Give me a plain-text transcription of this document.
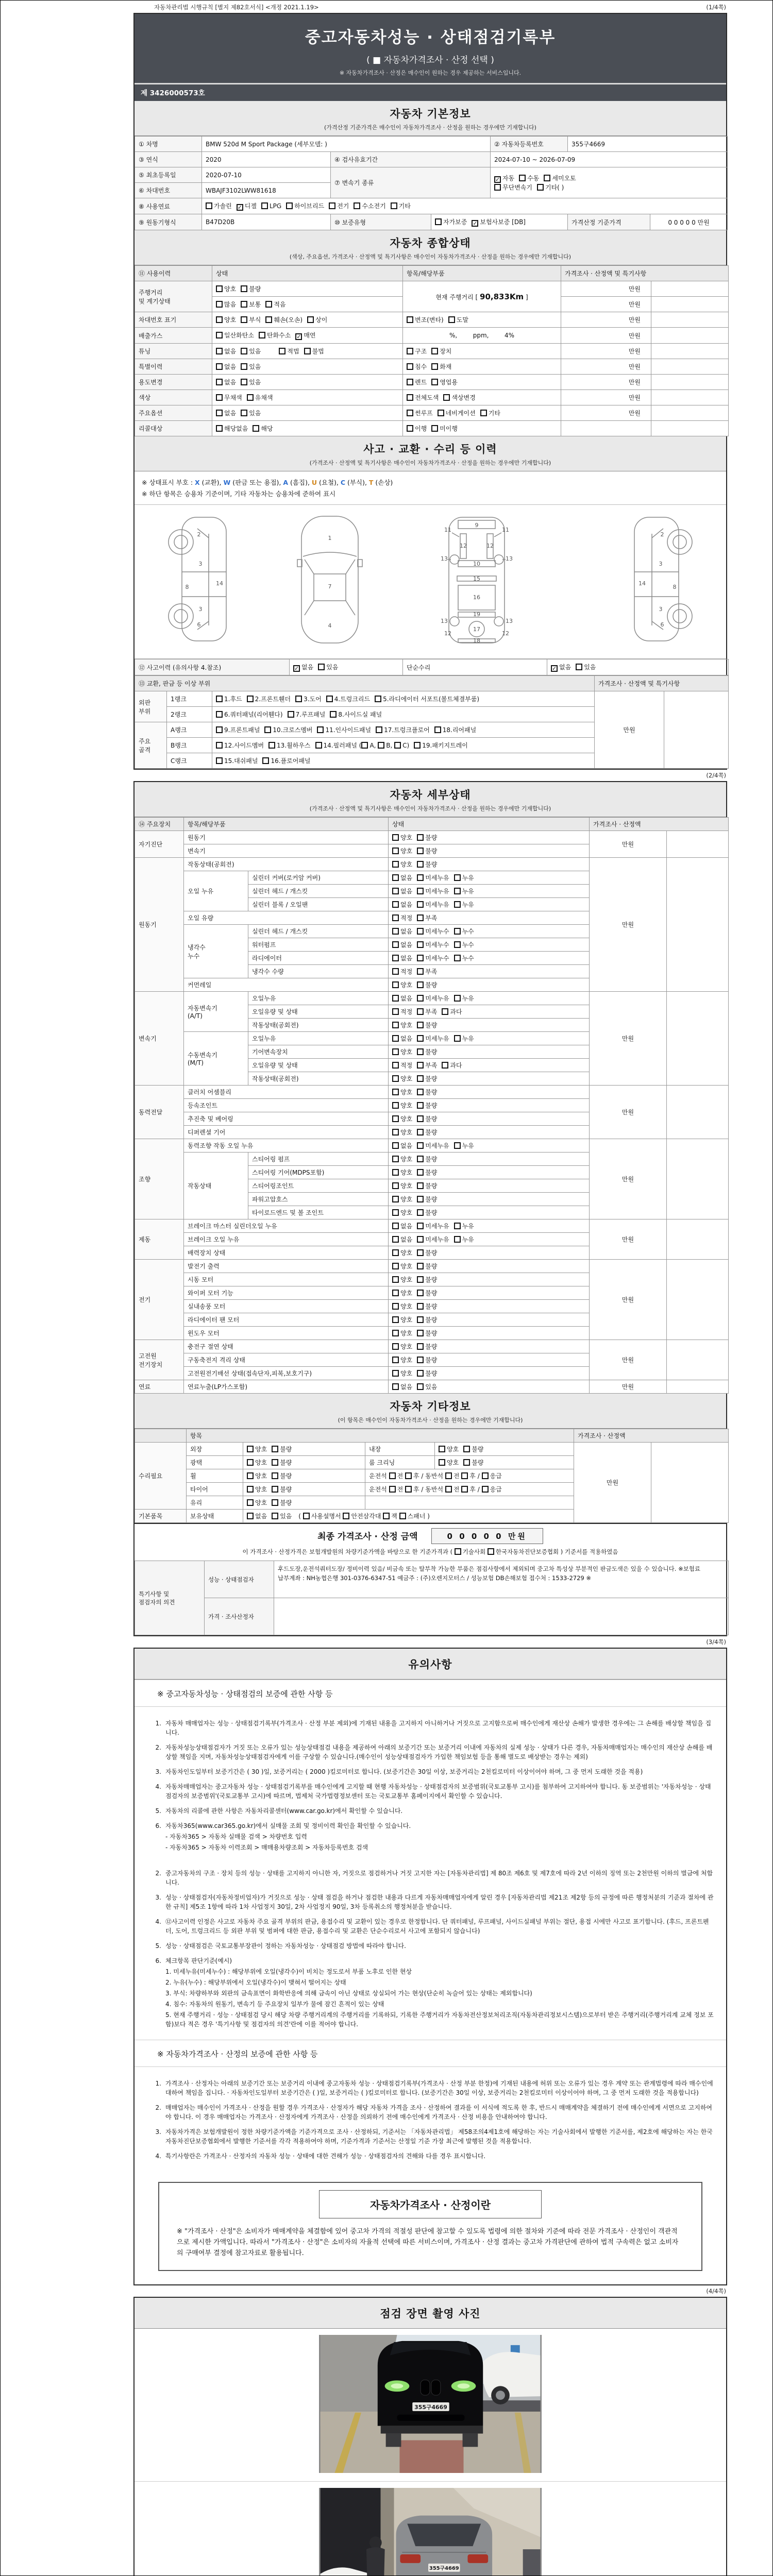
자동차관리법 시행규칙 [별지 제82호서식] <개정 2021.1.19>	(1/4쪽)
중고자동차성능 · 상태점검기록부
( ■ 자동차가격조사 · 산정 선택 )
※ 자동차가격조사 · 산정은 매수인이 원하는 경우 제공하는 서비스입니다.
제 3426000573호
자동차 기본정보
(가격산정 기준가격은 매수인이 자동차가격조사 · 산정을 원하는 경우에만 기재합니다)
① 차명	BMW 520d M Sport Package (세부모델: )			② 자동차등록번호	355구4669	
③ 연식	2020	④ 검사유효기간		2024-07-10 ~ 2026-07-09		
⑤ 최초등록일	2020-07-10	⑦ 변속기 종류		✓ 자동 수동 세미오토
무단변속기 기타( )		
⑥ 차대번호	WBAJF3102LWW81618					
⑧ 사용연료	가솔린 ✓ 디젤 LPG 하이브리드 전기 수소전기 기타					
⑨ 원동기형식	B47D20B	⑩ 보증유형	자가보증 ✓ 보험사보증 [DB]		가격산정 기준가격	0 0 0 0 0 만원
자동차 종합상태
(색상, 주요옵션, 가격조사 · 산정액 및 특기사항은 매수인이 자동차가격조사 · 산정을 원하는 경우에만 기재합니다)
⑪ 사용이력	상태	항목/해당부품	가격조사 · 산정액 및 특기사항	
주행거리
및 계기상태	양호 불량	현재 주행거리 [ 90,833Km ]	만원	
	많음 보통 적음		만원	
차대번호 표기	양호 부식 훼손(오손) 상이	변조(변타) 도말	만원	
배출가스	일산화탄소 탄화수소 ✓ 매연	%,        ppm,        4%	만원	
튜닝	없음 있음 적법 불법	구조 장치	만원	
특별이력	없음 있음	침수 화재	만원	
용도변경	없음 있음	렌트 영업용	만원	
색상	무채색 유채색	전체도색 색상변경	만원	
주요옵션	없음 있음	썬루프 네비게이션 기타	만원	
리콜대상	해당없음 해당	이행 미이행		
사고 · 교환 · 수리 등 이력
(가격조사 · 산정액 및 특기사항은 매수인이 자동차가격조사 · 산정을 원하는 경우에만 기재합니다)
※ 상태표시 부호 : X (교환), W (판금 또는 용접), A (흠집), U (요철), C (부식), T (손상)
※ 하단 항목은 승용차 기준이며, 기타 자동차는 승용차에 준하여 표시
2
8
3
14
3
6
1
7
4
9
11	11
12	12
13	13
10
15
16
19
13	13
12	12
17
18
2
8
3
14
3
6
⑫ 사고이력 (유의사항 4.참조)	✓ 없음 있음	단순수리	✓ 없음 있음
⑬ 교환, 판금 등 이상 부위			가격조사 · 산정액 및 특기사항	
외판
부위	1랭크	1.후드 2.프론트휀더 3.도어 4.트렁크리드 5.라디에이터 서포트(볼트체결부품)	만원	
	2랭크	6.쿼터패널(리어휀다) 7.루프패널 8.사이드실 패널		
주요
골격	A랭크	9.프론트패널 10.크로스멤버 11.인사이드패널 17.트렁크플로어 18.리어패널		
	B랭크	12.사이드멤버 13.휠하우스 14.필러패널 ( A, B, C) 19.패키지트레이		
	C랭크	15.대쉬패널 16.플로어패널		
(2/4쪽)
자동차 세부상태
(가격조사 · 산정액 및 특기사항은 매수인이 자동차가격조사 · 산정을 원하는 경우에만 기재합니다)
⑭ 주요장치	항목/해당부품		상태	가격조사 · 산정액	
자기진단	원동기		양호 불량	만원	
	변속기		양호 불량		
원동기	작동상태(공회전)		양호 불량	만원	
	오일 누유	실린더 커버(로커암 커버)	없음 미세누유 누유		
		실린더 헤드 / 개스킷	없음 미세누유 누유		
		실린더 블록 / 오일팬	없음 미세누유 누유		
	오일 유량		적정 부족		
	냉각수
누수	실린더 헤드 / 개스킷	없음 미세누수 누수		
		워터펌프	없음 미세누수 누수		
		라디에이터	없음 미세누수 누수		
		냉각수 수량	적정 부족		
	커먼레일		양호 불량		
변속기	자동변속기
(A/T)	오일누유	없음 미세누유 누유	만원	
		오일유량 및 상태	적정 부족 과다		
		작동상태(공회전)	양호 불량		
	수동변속기
(M/T)	오일누유	없음 미세누유 누유		
		기어변속장치	양호 불량		
		오일유량 및 상태	적정 부족 과다		
		작동상태(공회전)	양호 불량		
동력전달	클러치 어셈블리		양호 불량	만원	
	등속조인트		양호 불량		
	추진축 및 베어링		양호 불량		
	디퍼렌셜 기어		양호 불량		
조향	동력조향 작동 오일 누유		없음 미세누유 누유	만원	
	작동상태	스티어링 펌프	양호 불량		
		스티어링 기어(MDPS포함)	양호 불량		
		스티어링조인트	양호 불량		
		파워고압호스	양호 불량		
		타이로드엔드 및 볼 조인트	양호 불량		
제동	브레이크 마스터 실린더오일 누유		없음 미세누유 누유	만원	
	브레이크 오일 누유		없음 미세누유 누유		
	배력장치 상태		양호 불량		
전기	발전기 출력		양호 불량	만원	
	시동 모터		양호 불량		
	와이퍼 모터 기능		양호 불량		
	실내송풍 모터		양호 불량		
	라디에이터 팬 모터		양호 불량		
	윈도우 모터		양호 불량		
고전원
전기장치	충전구 절연 상태		양호 불량	만원	
	구동축전지 격리 상태		양호 불량		
	고전원전기배선 상태(접속단자,피복,보호기구)		양호 불량		
연료	연료누출(LP가스포함)		없음 있음	만원	
자동차 기타정보
(이 항목은 매수인이 자동차가격조사 · 산정을 원하는 경우에만 기재합니다)
	항목				가격조사 · 산정액	
수리필요	외장	양호 불량	내장	양호 불량	만원	
	광택	양호 불량	룸 크리닝	양호 불량		
	휠	양호 불량	운전석 전 후 / 동반석 전 후 / 응급			
	타이어	양호 불량	운전석 전 후 / 동반석 전 후 / 응급			
	유리	양호 불량				
기본품목	보유상태	없음 있음 ( 사용설명서 안전삼각대 잭 스패너 )				
최종 가격조사 · 산정 금액	0 0 0 0 0 만원
이 가격조사 · 산정가격은 보험개발원의 차량기준가액을 바탕으로 한 기준가격과 ( 기술사회 한국자동차진단보증협회 ) 기준서를 적용하였음
특기사항 및
점검자의 의견	성능 · 상태점검자	후드도장,운전석쿼터도장/ 정비이력 있음/ 비금속 또는 탈부착 가능한 부품은 점검사항에서 제외되며 중고차 특성상 부분적인 판금도색은 있을 수 있습니다. ※보험료 납부계좌 : NH농협은행 301-0376-6347-51 예금주 : (주)오렌지모터스 / 성능보험 DB손해보험 접수처 : 1533-2729 ※
	가격 · 조사산정자	
(3/4쪽)
유의사항
※ 중고자동차성능 · 상태점검의 보증에 관한 사항 등
1. 자동차 매매업자는 성능 · 상태점검기록부(가격조사 · 산정 부분 제외)에 기재된 내용을 고지하지 아니하거나 거짓으로 고지함으로써 매수인에게 재산상 손해가 발생한 경우에는 그 손해를 배상할 책임을 집니다.
2. 자동차성능상태점검자가 거짓 또는 오류가 있는 성능상태점검 내용을 제공하여 아래의 보증기간 또는 보증거리 이내에 자동차의 실제 성능 · 상태가 다른 경우, 자동차매매업자는 매수인의 재산상 손해를 배상할 책임을 지며, 자동차성능상태점검자에게 이를 구상할 수 있습니다.(매수인이 성능상태점검자가 가입한 책임보험 등을 통해 별도로 배상받는 경우는 제외)
3. 자동차인도일부터 보증기간은 ( 30 )일, 보증거리는 ( 2000 )킬로미터로 합니다. (보증기간은 30일 이상, 보증거리는 2천킬로미터 이상이어야 하며, 그 중 먼저 도래한 것을 적용)
4. 자동차매매업자는 중고자동차 성능 · 상태점검기록부를 매수인에게 고지할 때 현행 자동차성능 · 상태점검자의 보증범위(국토교통부 고시)를 첨부하여 고지하여야 합니다. 동 보증범위는 '자동차성능 · 상태점검자의 보증범위'(국토교통부 고시)에 따르며, 법제처 국가법령정보센터 또는 국토교통부 홈페이지에서 확인할 수 있습니다.
5. 자동차의 리콜에 관한 사항은 자동차리콜센터(www.car.go.kr)에서 확인할 수 있습니다.
6. 자동차365(www.car365.go.kr)에서 실매물 조회 및 정비이력 확인을 확인할 수 있습니다.
- 자동차365 > 자동차 실매물 검색 > 차량번호 입력
- 자동차365 > 자동차 이력조회 > 매매용차량조회 > 자동차등록번호 검색
2. 중고자동차의 구조 · 장치 등의 성능 · 상태를 고지하지 아니한 자, 거짓으로 점검하거나 거짓 고지한 자는 [자동차관리법] 제 80조 제6호 및 제7호에 따라 2년 이하의 징역 또는 2천만원 이하의 벌금에 처합니다.
3. 성능 · 상태점검자(자동차정비업자)가 거짓으로 성능 · 상태 점검을 하거나 점검한 내용과 다르게 자동차매매업자에게 알린 경우 [자동차관리법 제21조 제2항 등의 규정에 따른 행정처분의 기준과 절차에 관한 규칙] 제5조 1항에 따라 1차 사업정지 30일, 2차 사업정지 90일, 3차 등록취소의 행정처분을 받습니다.
4. ⑫사고이력 인정은 사고로 자동차 주요 골격 부위의 판금, 용접수리 및 교환이 있는 경우로 한정합니다. 단 쿼터패널, 루프패널, 사이드실패널 부위는 절단, 용접 시에만 사고로 표기합니다. (후드, 프론트펜더, 도어, 트렁크리드 등 외판 부위 및 범퍼에 대한 판금, 용접수리 및 교환은 단순수리로서 사고에 포함되지 않습니다)
5. 성능 · 상태점검은 국토교통부장관이 정하는 자동차성능 · 상태점검 방법에 따라야 합니다.
6. 체크항목 판단기준(예시)
1. 미세누유(미세누수) : 해당부위에 오일(냉각수)이 비치는 정도로서 부품 노후로 인한 현상
2. 누유(누수) : 해당부위에서 오일(냉각수)이 맺혀서 떨어지는 상태
3. 부식: 차량하부와 외판의 금속표면이 화학반응에 의해 금속이 아닌 상태로 상실되어 가는 현상(단순히 녹슬어 있는 상태는 제외합니다)
4. 침수: 자동차의 원동기, 변속기 등 주요장치 일부가 물에 잠긴 흔적이 있는 상태
5. 현재 주행거리 · 성능 · 상태점검 당시 해당 차량 주행거리계의 주행거리를 기록하되, 기록한 주행거리가 자동차전산정보처리조직(자동차관리정보시스템)으로부터 받은 주행거리(주행거리계 교체 정보 포함)보다 적은 경우 '특기사항 및 점검자의 의견'란에 이를 적어야 합니다.
※ 자동차가격조사 · 산정의 보증에 관한 사항 등
1. 가격조사 · 산정자는 아래의 보증기간 또는 보증거리 이내에 중고자동차 성능 · 상태점검기록부(가격조사 · 산정 부분 한정)에 기재된 내용에 허위 또는 오류가 있는 경우 계약 또는 관계법령에 따라 매수인에 대하여 책임을 집니다. · 자동차인도일부터 보증기간은 ( )일, 보증거리는 ( )킬로미터로 합니다. (보증기간은 30일 이상, 보증거리는 2천킬로미터 이상이어야 하며, 그 중 먼저 도래한 것을 적용합니다)
2. 매매업자는 매수인이 가격조사 · 산정을 원할 경우 가격조사 · 산정자가 해당 자동차 가격을 조사 · 산정하여 결과를 이 서식에 적도록 한 후, 반드시 매매계약을 체결하기 전에 매수인에게 서면으로 고지하여야 합니다. 이 경우 매매업자는 가격조사 · 산정자에게 가격조사 · 산정을 의뢰하기 전에 매수인에게 가격조사 · 산정 비용을 안내하여야 합니다.
3. 자동차가격은 보험개발원이 정한 차량기준가액을 기준가격으로 조사 · 산정하되, 기준서는 「자동차관리법」 제58조의4제1호에 해당하는 자는 기술사회에서 발행한 기준서를, 제2호에 해당하는 자는 한국자동차진단보증협회에서 발행한 기준서를 각각 적용하여야 하며, 기준가격과 기준서는 산정일 기준 가장 최근에 발행된 것을 적용합니다.
4. 특기사항란은 가격조사 · 산정자의 자동차 성능 · 상태에 대한 견해가 성능 · 상태점검자의 견해와 다를 경우 표시합니다.
자동차가격조사 · 산정이란
※ "가격조사 · 산정"은 소비자가 매매계약을 체결함에 있어 중고차 가격의 적절성 판단에 참고할 수 있도록 법령에 의한 절차와 기준에 따라 전문 가격조사 · 산정인이 객관적으로 제시한 가액입니다. 따라서 "가격조사 · 산정"은 소비자의 자율적 선택에 따른 서비스이며, 가격조사 · 산정 결과는 중고차 가격판단에 관하여 법적 구속력은 없고 소비자의 구매여부 결정에 참고자료로 활용됩니다.
(4/4쪽)
점검 장면 촬영 사진
355구4669
355구4669
